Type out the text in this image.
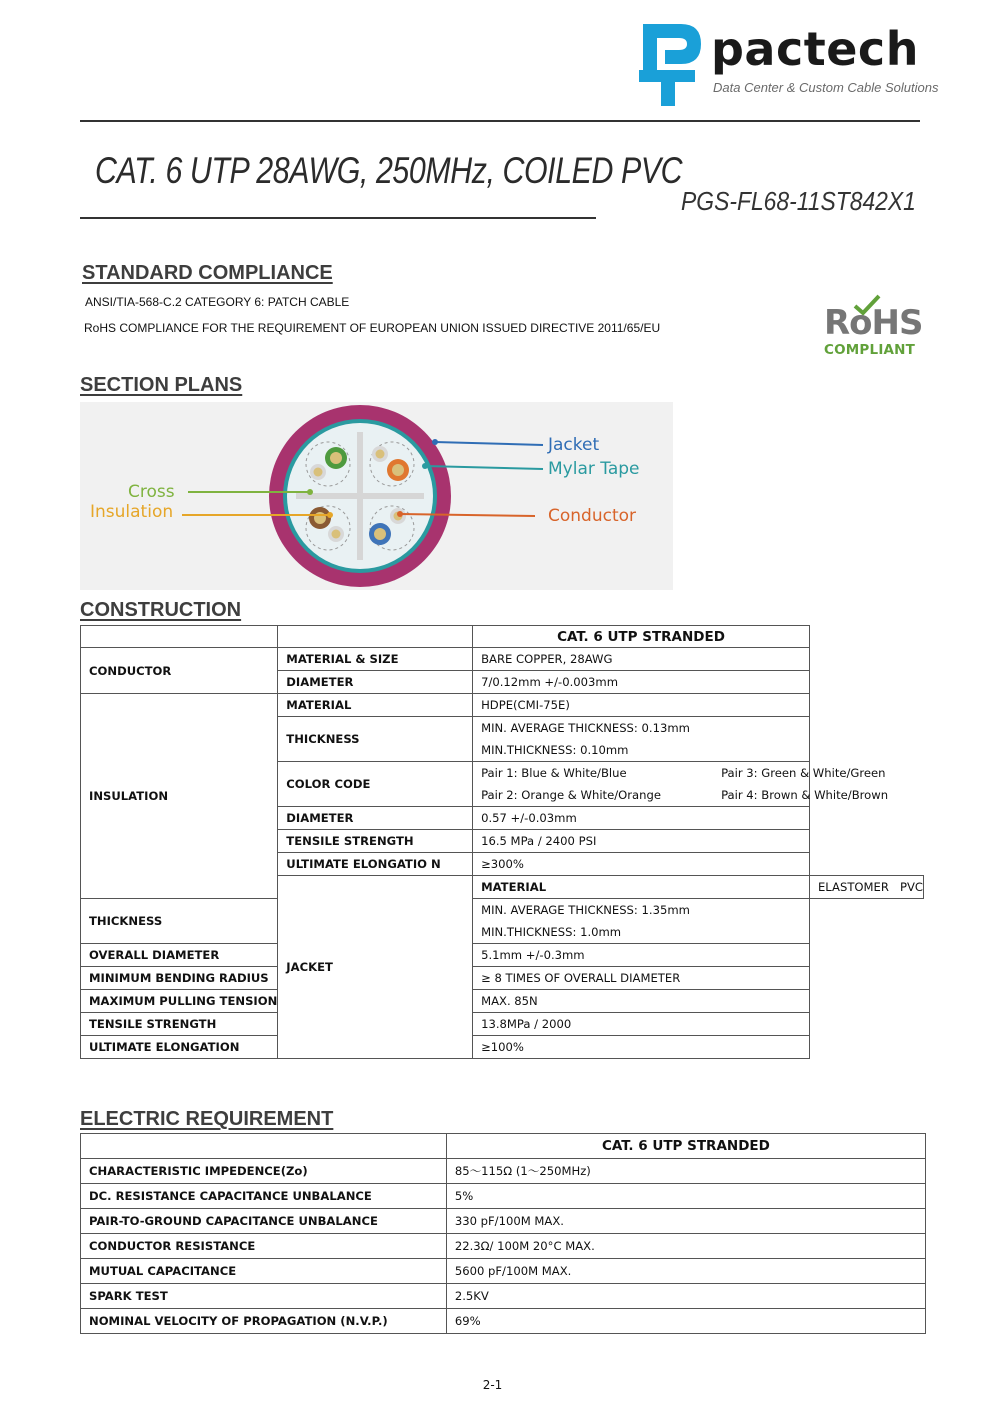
pactech
Data Center & Custom Cable Solutions
CAT. 6 UTP 28AWG, 250MHz, COILED PVC
PGS-FL68-11ST842X1
STANDARD COMPLIANCE
ANSI/TIA-568-C.2 CATEGORY 6: PATCH CABLE
RoHS COMPLIANCE FOR THE REQUIREMENT OF EUROPEAN UNION ISSUED DIRECTIVE 2011/65/EU	RoHS
COMPLIANT
SECTION PLANS
Jacket
Mylar Tape
Cross
Insulation	Conductor
CONSTRUCTION
		CAT. 6 UTP STRANDED	
CONDUCTOR	MATERIAL & SIZE	BARE COPPER, 28AWG	
	DIAMETER	7/0.12mm +/-0.003mm	
INSULATION	MATERIAL	HDPE(CMI-75E)	
	THICKNESS	MIN. AVERAGE THICKNESS: 0.13mm
MIN.THICKNESS: 0.10mm	

	COLOR CODE	Pair 1: Blue & White/Blue Pair 3: Green & White/Green
Pair 2: Orange & White/Orange Pair 4: Brown & White/Brown	

	DIAMETER	0.57 +/-0.03mm	
	TENSILE STRENGTH	16.5 MPa / 2400 PSI	
	ULTIMATE ELONGATIO N	≥300%	
	JACKET	MATERIAL	ELASTOMER   PVC
THICKNESS		MIN. AVERAGE THICKNESS: 1.35mm
MIN.THICKNESS: 1.0mm	

OVERALL DIAMETER		5.1mm +/-0.3mm	
MINIMUM BENDING RADIUS		≥ 8 TIMES OF OVERALL DIAMETER	
MAXIMUM PULLING TENSION		MAX. 85N	
TENSILE STRENGTH		13.8MPa / 2000	
ULTIMATE ELONGATION		≥100%	
ELECTRIC REQUIREMENT
	CAT. 6 UTP STRANDED
CHARACTERISTIC IMPEDENCE(Zo)	85～115Ω (1～250MHz)
DC. RESISTANCE CAPACITANCE UNBALANCE	5%
PAIR-TO-GROUND CAPACITANCE UNBALANCE	330 pF/100M MAX.
CONDUCTOR RESISTANCE	22.3Ω/ 100M 20°C MAX.
MUTUAL CAPACITANCE	5600 pF/100M MAX.
SPARK TEST	2.5KV
NOMINAL VELOCITY OF PROPAGATION (N.V.P.)	69%
2-1
